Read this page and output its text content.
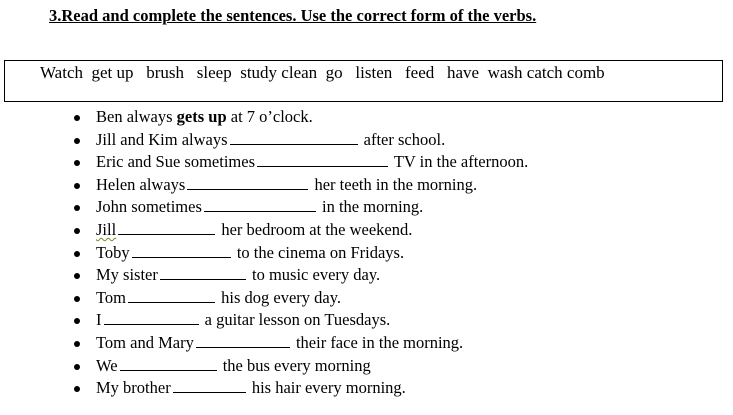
3.Read and complete the sentences. Use the correct form of the verbs.
Watch  get up   brush   sleep  study clean  go   listen   feed   have  wash catch comb
Ben always gets up at 7 o’clock.
Jill and Kim always	after school.
Eric and Sue sometimes	TV in the afternoon.
Helen always	her teeth in the morning.
John sometimes	in the morning.
Jill	her bedroom at the weekend.
Toby	to the cinema on Fridays.
My sister	to music every day.
Tom	his dog every day.
I	a guitar lesson on Tuesdays.
Tom and Mary	their face in the morning.
We	the bus every morning
My brother	his hair every morning.
